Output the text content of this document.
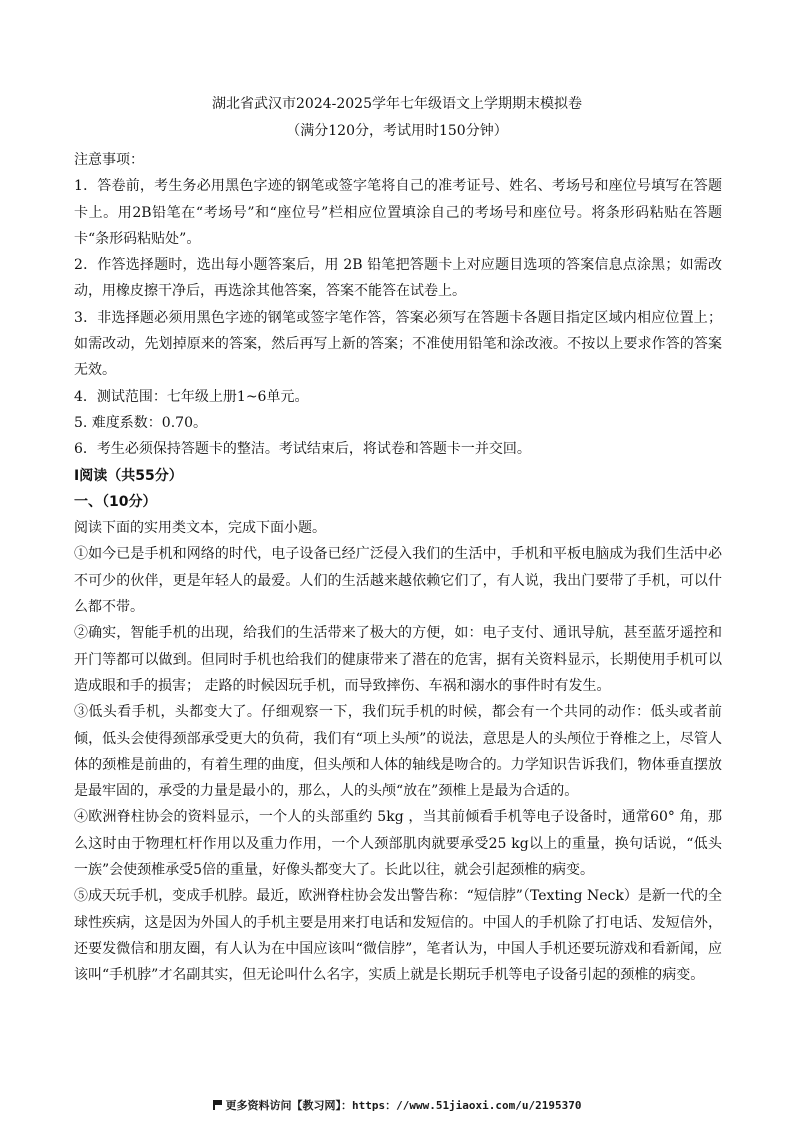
湖北省武汉市2024-2025学年七年级语文上学期期末模拟卷
（满分120分，考试用时150分钟）

注意事项：

1．答卷前，考生务必用黑色字迹的钢笔或签字笔将自己的准考证号、姓名、考场号和座位号填写在答题卡上。用2B铅笔在“考场号”和“座位号”栏相应位置填涂自己的考场号和座位号。将条形码粘贴在答题卡“条形码粘贴处”。

2．作答选择题时，选出每小题答案后，用 2B 铅笔把答题卡上对应题目选项的答案信息点涂黑；如需改动，用橡皮擦干净后，再选涂其他答案，答案不能答在试卷上。

3．非选择题必须用黑色字迹的钢笔或签字笔作答，答案必须写在答题卡各题目指定区域内相应位置上；如需改动，先划掉原来的答案，然后再写上新的答案；不准使用铅笔和涂改液。不按以上要求作答的答案无效。

4．测试范围：七年级上册1~6单元。

5. 难度系数：0.70。

6．考生必须保持答题卡的整洁。考试结束后，将试卷和答题卡一并交回。

Ⅰ阅读（共55分）

一、（10分）

阅读下面的实用类文本，完成下面小题。

①如今已是手机和网络的时代，电子设备已经广泛侵入我们的生活中，手机和平板电脑成为我们生活中必不可少的伙伴，更是年轻人的最爱。人们的生活越来越依赖它们了，有人说，我出门要带了手机，可以什么都不带。

②确实，智能手机的出现，给我们的生活带来了极大的方便，如：电子支付、通讯导航，甚至蓝牙遥控和开门等都可以做到。但同时手机也给我们的健康带来了潜在的危害，据有关资料显示，长期使用手机可以造成眼和手的损害； 走路的时候因玩手机，而导致摔伤、车祸和溺水的事件时有发生。

③低头看手机，头都变大了。仔细观察一下，我们玩手机的时候，都会有一个共同的动作：低头或者前倾，低头会使得颈部承受更大的负荷，我们有“项上头颅”的说法，意思是人的头颅位于脊椎之上，尽管人体的颈椎是前曲的，有着生理的曲度，但头颅和人体的轴线是吻合的。力学知识告诉我们，物体垂直摆放是最牢固的，承受的力量是最小的，那么，人的头颅“放在”颈椎上是最为合适的。

④欧洲脊柱协会的资料显示，一个人的头部重约 5kg ，当其前倾看手机等电子设备时，通常60° 角，那么这时由于物理杠杆作用以及重力作用，一个人颈部肌肉就要承受25 kg以上的重量，换句话说，“低头一族”会使颈椎承受5倍的重量，好像头都变大了。长此以往，就会引起颈椎的病变。

⑤成天玩手机，变成手机脖。最近，欧洲脊柱协会发出警告称：“短信脖”（Texting Neck）是新一代的全球性疾病，这是因为外国人的手机主要是用来打电话和发短信的。中国人的手机除了打电话、发短信外，还要发微信和朋友圈，有人认为在中国应该叫“微信脖”，笔者认为，中国人手机还要玩游戏和看新闻，应该叫“手机脖”才名副其实，但无论叫什么名字，实质上就是长期玩手机等电子设备引起的颈椎的病变。

更多资料访问【教习网】：https：//www.51jiaoxi.com/u/2195370
